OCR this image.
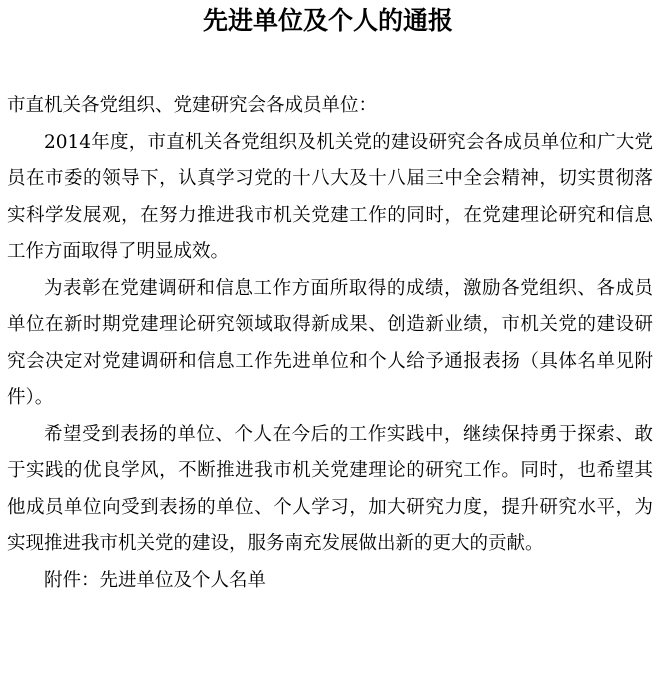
先进单位及个人的通报

市直机关各党组织、党建研究会各成员单位：

2014年度，市直机关各党组织及机关党的建设研究会各成员单位和广大党员在市委的领导下，认真学习党的十八大及十八届三中全会精神，切实贯彻落实科学发展观，在努力推进我市机关党建工作的同时，在党建理论研究和信息工作方面取得了明显成效。

为表彰在党建调研和信息工作方面所取得的成绩，激励各党组织、各成员单位在新时期党建理论研究领域取得新成果、创造新业绩，市机关党的建设研究会决定对党建调研和信息工作先进单位和个人给予通报表扬（具体名单见附件）。

希望受到表扬的单位、个人在今后的工作实践中，继续保持勇于探索、敢于实践的优良学风，不断推进我市机关党建理论的研究工作。同时，也希望其他成员单位向受到表扬的单位、个人学习，加大研究力度，提升研究水平，为实现推进我市机关党的建设，服务南充发展做出新的更大的贡献。

附件：先进单位及个人名单
